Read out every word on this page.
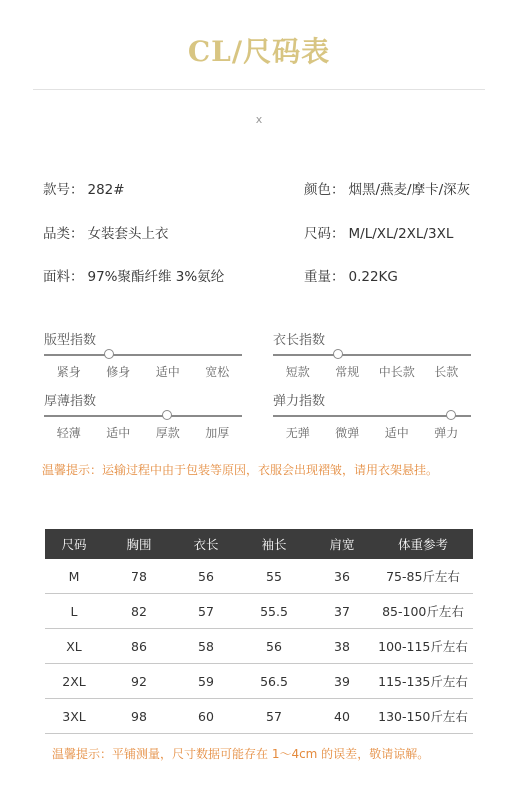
CL/尺码表
x
款号： 282#	颜色： 烟黑/燕麦/摩卡/深灰
品类： 女装套头上衣	尺码： M/L/XL/2XL/3XL
面料： 97%聚酯纤维 3%氨纶	重量： 0.22KG
版型指数
紧身 修身 适中 宽松
衣长指数
短款 常规 中长款 长款
厚薄指数
轻薄 适中 厚款 加厚
弹力指数
无弹 微弹 适中 弹力
温馨提示：运输过程中由于包装等原因，衣服会出现褶皱，请用衣架悬挂。
尺码	胸围	衣长	袖长	肩宽	体重参考
M	78	56	55	36	75-85斤左右
L	82	57	55.5	37	85-100斤左右
XL	86	58	56	38	100-115斤左右
2XL	92	59	56.5	39	115-135斤左右
3XL	98	60	57	40	130-150斤左右
温馨提示：平铺测量，尺寸数据可能存在 1～4cm 的误差，敬请谅解。
